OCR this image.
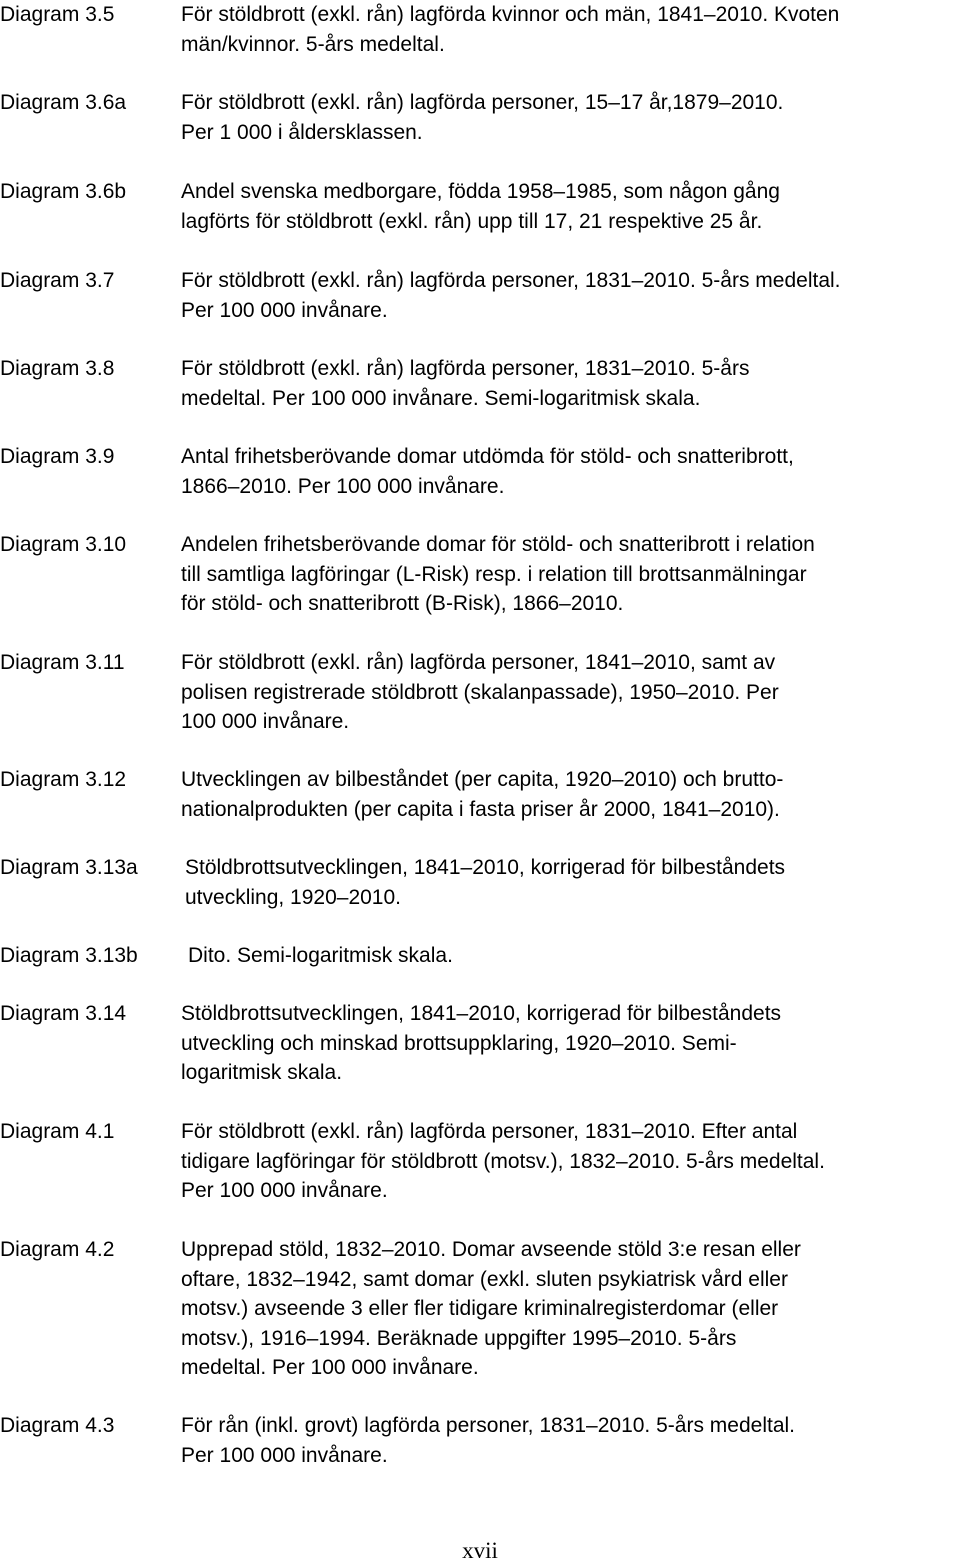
Diagram 3.5	För stöldbrott (exkl. rån) lagförda kvinnor och män, 1841–2010. Kvoten
män/kvinnor. 5-års medeltal.
Diagram 3.6a	För stöldbrott (exkl. rån) lagförda personer, 15–17 år,1879–2010.
Per 1 000 i åldersklassen.
Diagram 3.6b	Andel svenska medborgare, födda 1958–1985, som någon gång
lagförts för stöldbrott (exkl. rån) upp till 17, 21 respektive 25 år.
Diagram 3.7	För stöldbrott (exkl. rån) lagförda personer, 1831–2010. 5-års medeltal.
Per 100 000 invånare.
Diagram 3.8	För stöldbrott (exkl. rån) lagförda personer, 1831–2010. 5-års
medeltal. Per 100 000 invånare. Semi-logaritmisk skala.
Diagram 3.9	Antal frihetsberövande domar utdömda för stöld- och snatteribrott,
1866–2010. Per 100 000 invånare.
Diagram 3.10	Andelen frihetsberövande domar för stöld- och snatteribrott i relation
till samtliga lagföringar (L-Risk) resp. i relation till brottsanmälningar
för stöld- och snatteribrott (B-Risk), 1866–2010.
Diagram 3.11	För stöldbrott (exkl. rån) lagförda personer, 1841–2010, samt av
polisen registrerade stöldbrott (skalanpassade), 1950–2010. Per
100 000 invånare.
Diagram 3.12	Utvecklingen av bilbeståndet (per capita, 1920–2010) och brutto-
nationalprodukten (per capita i fasta priser år 2000, 1841–2010).
Diagram 3.13a	Stöldbrottsutvecklingen, 1841–2010, korrigerad för bilbeståndets
utveckling, 1920–2010.
Diagram 3.13b	Dito. Semi-logaritmisk skala.
Diagram 3.14	Stöldbrottsutvecklingen, 1841–2010, korrigerad för bilbeståndets
utveckling och minskad brottsuppklaring, 1920–2010. Semi-
logaritmisk skala.
Diagram 4.1	För stöldbrott (exkl. rån) lagförda personer, 1831–2010. Efter antal
tidigare lagföringar för stöldbrott (motsv.), 1832–2010. 5-års medeltal.
Per 100 000 invånare.
Diagram 4.2	Upprepad stöld, 1832–2010. Domar avseende stöld 3:e resan eller
oftare, 1832–1942, samt domar (exkl. sluten psykiatrisk vård eller
motsv.) avseende 3 eller fler tidigare kriminalregisterdomar (eller
motsv.), 1916–1994. Beräknade uppgifter 1995–2010. 5-års
medeltal. Per 100 000 invånare.
Diagram 4.3	För rån (inkl. grovt) lagförda personer, 1831–2010. 5-års medeltal.
Per 100 000 invånare.
xvii
